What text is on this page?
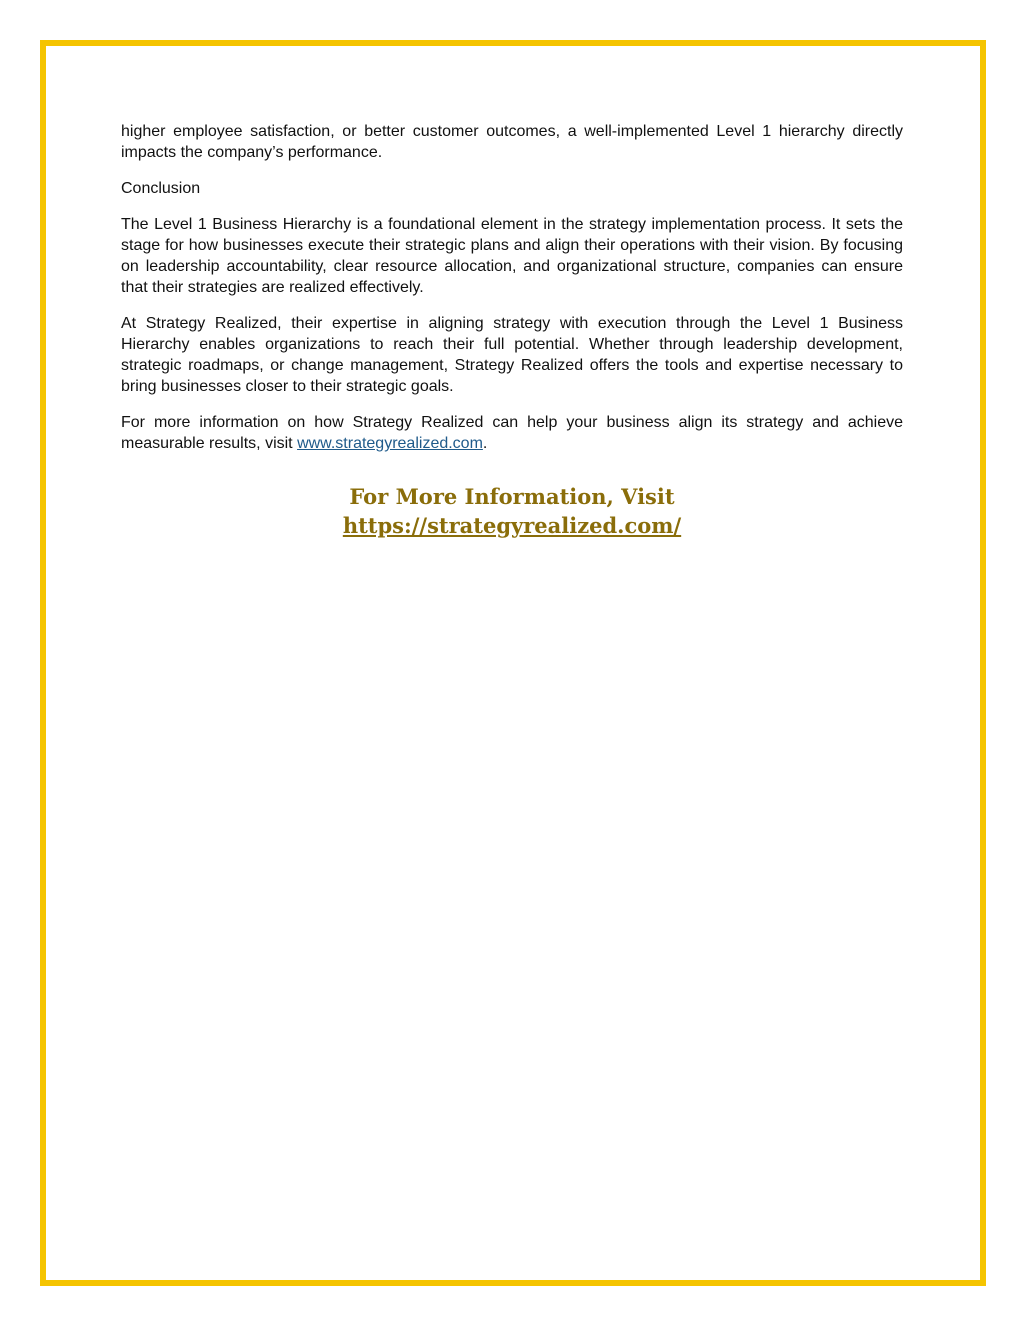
higher employee satisfaction, or better customer outcomes, a well-implemented Level 1 hierarchy directly impacts the company’s performance.

Conclusion

The Level 1 Business Hierarchy is a foundational element in the strategy implementation process. It sets the stage for how businesses execute their strategic plans and align their operations with their vision. By focusing on leadership accountability, clear resource allocation, and organizational structure, companies can ensure that their strategies are realized effectively.

At Strategy Realized, their expertise in aligning strategy with execution through the Level 1 Business Hierarchy enables organizations to reach their full potential. Whether through leadership development, strategic roadmaps, or change management, Strategy Realized offers the tools and expertise necessary to bring businesses closer to their strategic goals.

For more information on how Strategy Realized can help your business align its strategy and achieve measurable results, visit www.strategyrealized.com.

For More Information, Visit
https://strategyrealized.com/
